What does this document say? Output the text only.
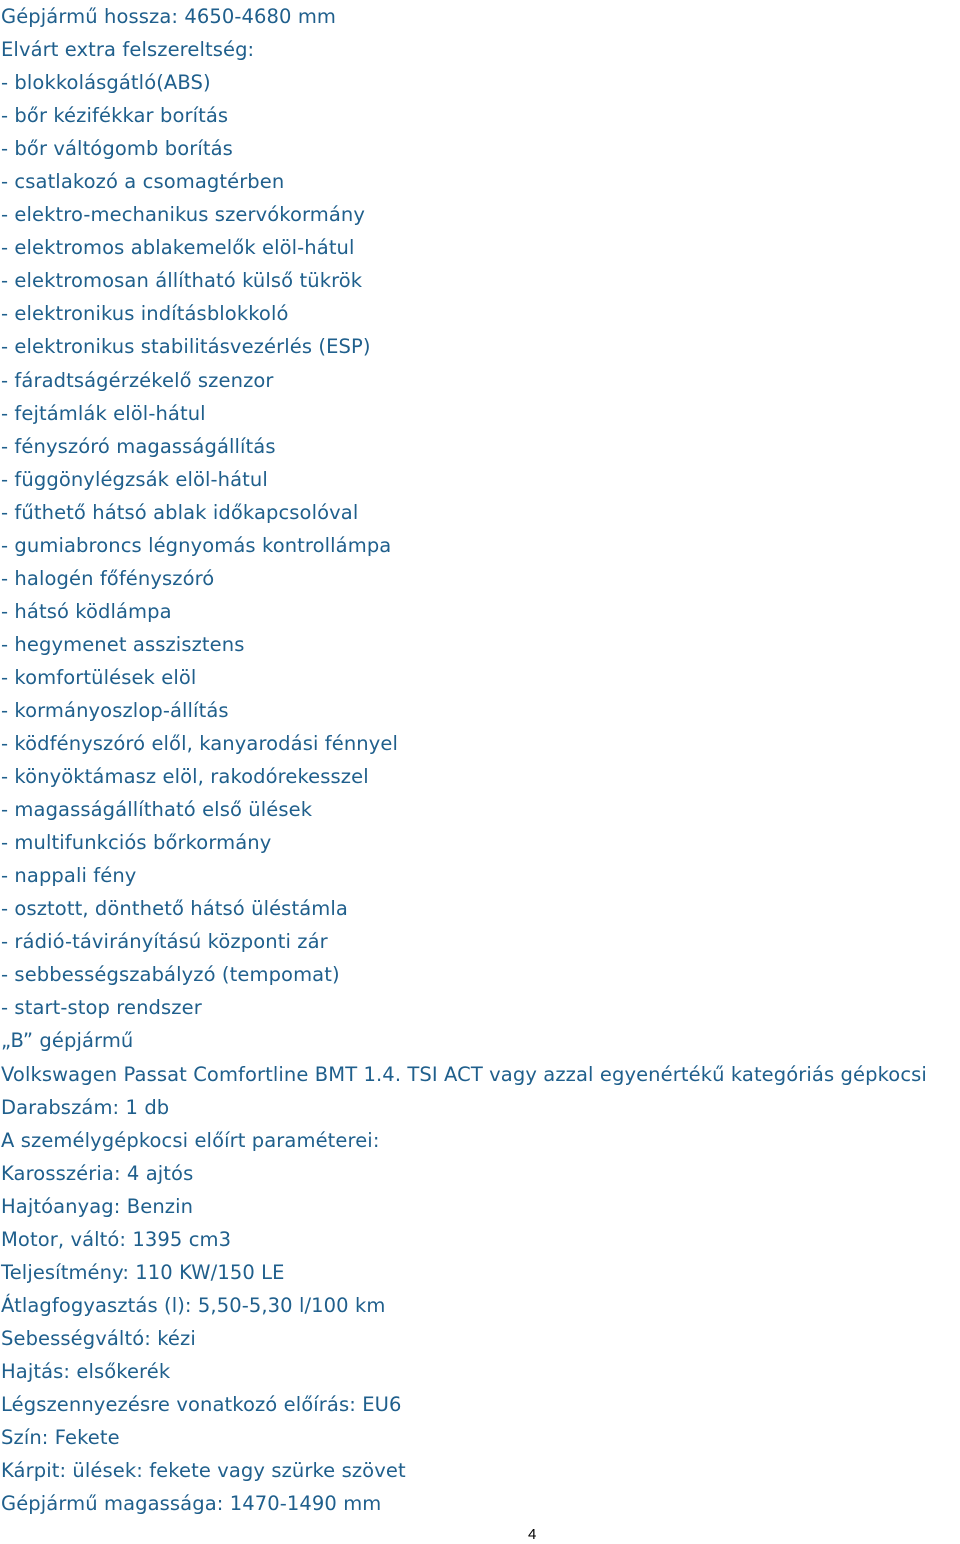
Gépjármű hossza: 4650-4680 mm
Elvárt extra felszereltség:
- blokkolásgátló(ABS)
- bőr kézifékkar borítás
- bőr váltógomb borítás
- csatlakozó a csomagtérben
- elektro-mechanikus szervókormány
- elektromos ablakemelők elöl-hátul
- elektromosan állítható külső tükrök
- elektronikus indításblokkoló
- elektronikus stabilitásvezérlés (ESP)
- fáradtságérzékelő szenzor
- fejtámlák elöl-hátul
- fényszóró magasságállítás
- függönylégzsák elöl-hátul
- fűthető hátsó ablak időkapcsolóval
- gumiabroncs légnyomás kontrollámpa
- halogén főfényszóró
- hátsó ködlámpa
- hegymenet asszisztens
- komfortülések elöl
- kormányoszlop-állítás
- ködfényszóró elől, kanyarodási fénnyel
- könyöktámasz elöl, rakodórekesszel
- magasságállítható első ülések
- multifunkciós bőrkormány
- nappali fény
- osztott, dönthető hátsó üléstámla
- rádió-távirányítású központi zár
- sebbességszabályzó (tempomat)
- start-stop rendszer
„B” gépjármű
Volkswagen Passat Comfortline BMT 1.4. TSI ACT vagy azzal egyenértékű kategóriás gépkocsi
Darabszám: 1 db
A személygépkocsi előírt paraméterei:
Karosszéria: 4 ajtós
Hajtóanyag: Benzin
Motor, váltó: 1395 cm3
Teljesítmény: 110 KW/150 LE
Átlagfogyasztás (l): 5,50-5,30 l/100 km
Sebességváltó: kézi
Hajtás: elsőkerék
Légszennyezésre vonatkozó előírás: EU6
Szín: Fekete
Kárpit: ülések: fekete vagy szürke szövet
Gépjármű magassága: 1470-1490 mm
4
